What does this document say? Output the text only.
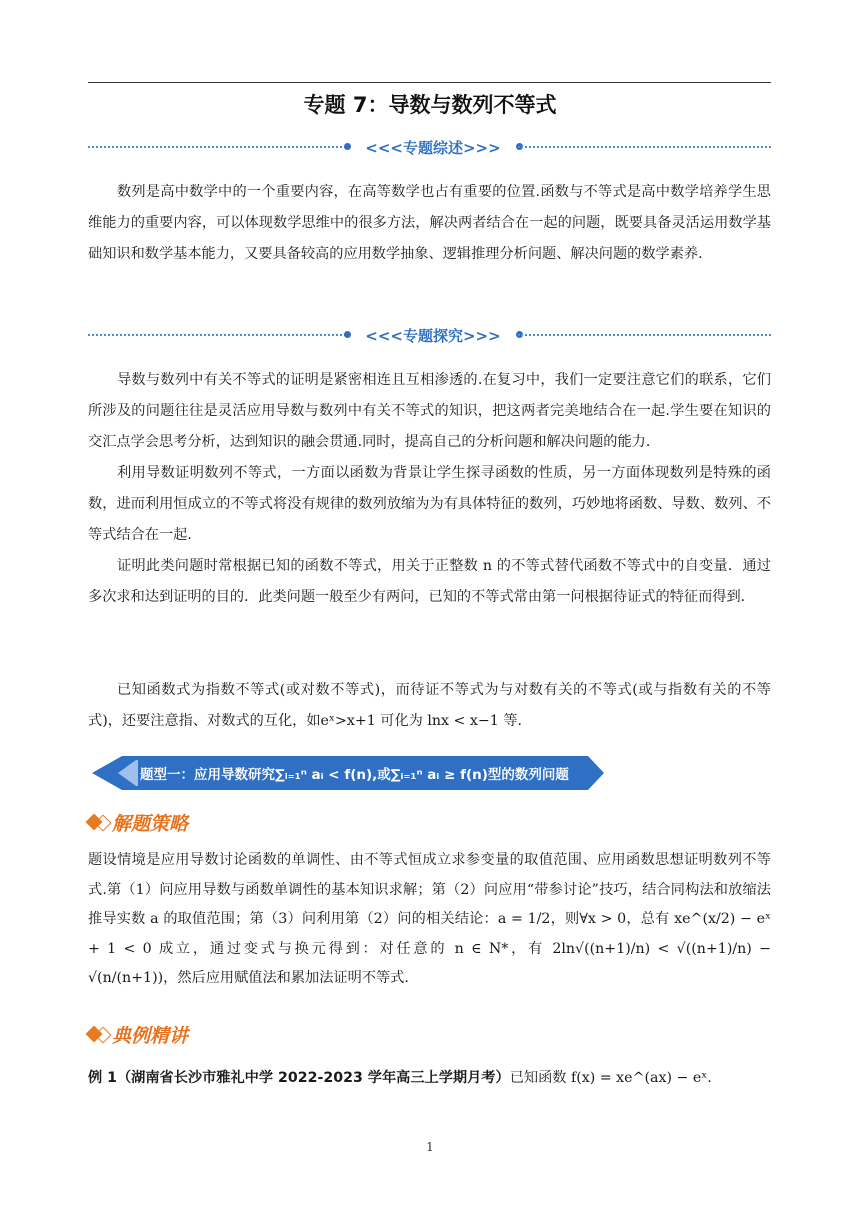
专题 7：导数与数列不等式
<<<专题综述>>>

数列是高中数学中的一个重要内容，在高等数学也占有重要的位置.函数与不等式是高中数学培养学生思维能力的重要内容，可以体现数学思维中的很多方法，解决两者结合在一起的问题，既要具备灵活运用数学基础知识和数学基本能力，又要具备较高的应用数学抽象、逻辑推理分析问题、解决问题的数学素养.

<<<专题探究>>>

导数与数列中有关不等式的证明是紧密相连且互相渗透的.在复习中，我们一定要注意它们的联系，它们所涉及的问题往往是灵活应用导数与数列中有关不等式的知识，把这两者完美地结合在一起.学生要在知识的交汇点学会思考分析，达到知识的融会贯通.同时，提高自己的分析问题和解决问题的能力.

利用导数证明数列不等式，一方面以函数为背景让学生探寻函数的性质，另一方面体现数列是特殊的函数，进而利用恒成立的不等式将没有规律的数列放缩为为有具体特征的数列，巧妙地将函数、导数、数列、不等式结合在一起．

证明此类问题时常根据已知的函数不等式，用关于正整数 n 的不等式替代函数不等式中的自变量．通过多次求和达到证明的目的．此类问题一般至少有两问，已知的不等式常由第一问根据待证式的特征而得到．

已知函数式为指数不等式(或对数不等式)，而待证不等式为与对数有关的不等式(或与指数有关的不等式)，还要注意指、对数式的互化，如eˣ>x+1 可化为 lnx < x−1 等．

题型一：应用导数研究∑ᵢ₌₁ⁿ aᵢ < f(n),或∑ᵢ₌₁ⁿ aᵢ ≥ f(n)型的数列问题
解题策略

题设情境是应用导数讨论函数的单调性、由不等式恒成立求参变量的取值范围、应用函数思想证明数列不等式.第（1）问应用导数与函数单调性的基本知识求解；第（2）问应用“带参讨论”技巧，结合同构法和放缩法推导实数 a 的取值范围；第（3）问利用第（2）问的相关结论：a = 1/2，则∀x > 0，总有 xe^(x/2) − eˣ + 1 < 0 成立，通过变式与换元得到：对任意的 n ∈ N*，有 2ln√((n+1)/n) < √((n+1)/n) − √(n/(n+1))，然后应用赋值法和累加法证明不等式.

典例精讲
例 1（湖南省长沙市雅礼中学 2022-2023 学年高三上学期月考）已知函数 f(x) = xe^(ax) − eˣ.
1
